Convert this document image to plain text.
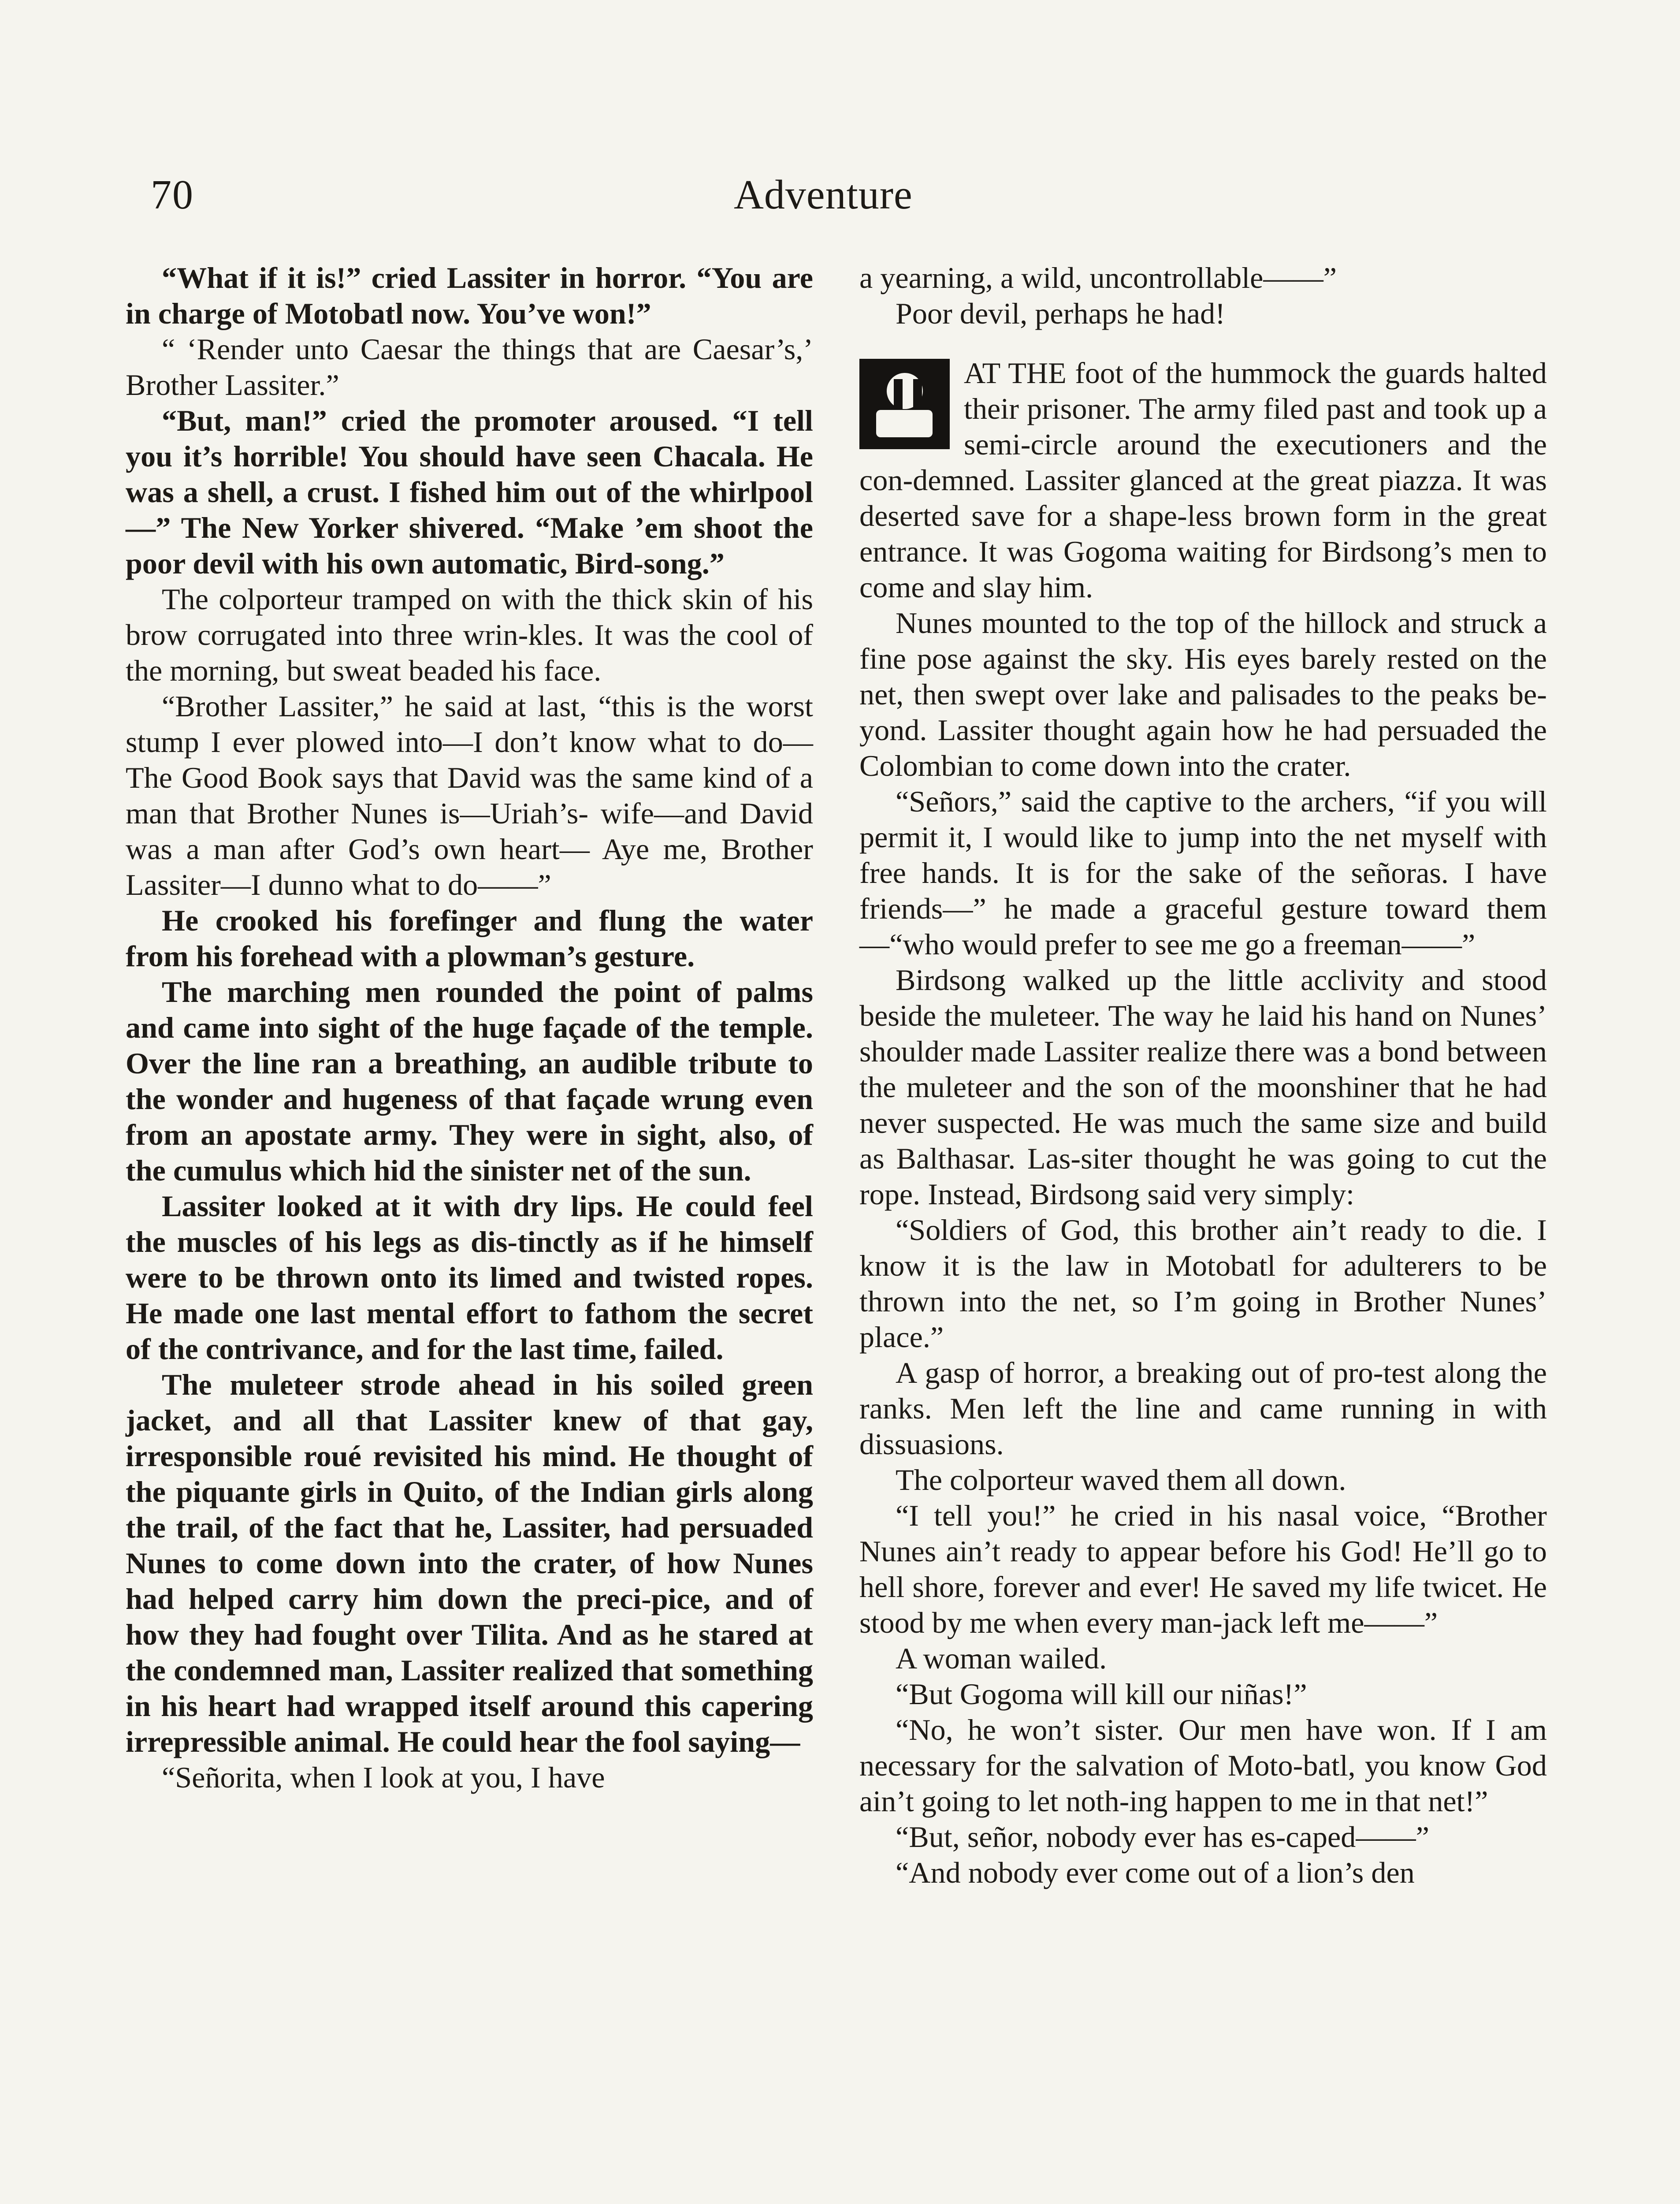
70	Adventure

“What if it is!” cried Lassiter in horror. “You are in charge of Motobatl now. You’ve won!”

“ ‘Render unto Caesar the things that are Caesar’s,’ Brother Lassiter.”

“But, man!” cried the promoter aroused. “I tell you it’s horrible! You should have seen Chacala. He was a shell, a crust. I fished him out of the whirlpool—” The New Yorker shivered. “Make ’em shoot the poor devil with his own automatic, Bird-song.”

The colporteur tramped on with the thick skin of his brow corrugated into three wrin-kles. It was the cool of the morning, but sweat beaded his face.

“Brother Lassiter,” he said at last, “this is the worst stump I ever plowed into—I don’t know what to do— The Good Book says that David was the same kind of a man that Brother Nunes is—Uriah’s- wife—and David was a man after God’s own heart— Aye me, Brother Lassiter—I dunno what to do——”

He crooked his forefinger and flung the water from his forehead with a plowman’s gesture.

The marching men rounded the point of palms and came into sight of the huge façade of the temple. Over the line ran a breathing, an audible tribute to the wonder and hugeness of that façade wrung even from an apostate army. They were in sight, also, of the cumulus which hid the sinister net of the sun.

Lassiter looked at it with dry lips. He could feel the muscles of his legs as dis-tinctly as if he himself were to be thrown onto its limed and twisted ropes. He made one last mental effort to fathom the secret of the contrivance, and for the last time, failed.

The muleteer strode ahead in his soiled green jacket, and all that Lassiter knew of that gay, irresponsible roué revisited his mind. He thought of the piquante girls in Quito, of the Indian girls along the trail, of the fact that he, Lassiter, had persuaded Nunes to come down into the crater, of how Nunes had helped carry him down the preci-pice, and of how they had fought over Tilita. And as he stared at the condemned man, Lassiter realized that something in his heart had wrapped itself around this capering irrepressible animal. He could hear the fool saying—

“Señorita, when I look at you, I have

a yearning, a wild, uncontrollable——”

Poor devil, perhaps he had!

AT THE foot of the hummock the guards halted their prisoner. The army filed past and took up a semi-circle around the executioners and the con-demned. Lassiter glanced at the great piazza. It was deserted save for a shape-less brown form in the great entrance. It was Gogoma waiting for Birdsong’s men to come and slay him.

Nunes mounted to the top of the hillock and struck a fine pose against the sky. His eyes barely rested on the net, then swept over lake and palisades to the peaks be-yond. Lassiter thought again how he had persuaded the Colombian to come down into the crater.

“Señors,” said the captive to the archers, “if you will permit it, I would like to jump into the net myself with free hands. It is for the sake of the señoras. I have friends—” he made a graceful gesture toward them—“who would prefer to see me go a freeman——”

Birdsong walked up the little acclivity and stood beside the muleteer. The way he laid his hand on Nunes’ shoulder made Lassiter realize there was a bond between the muleteer and the son of the moonshiner that he had never suspected. He was much the same size and build as Balthasar. Las-siter thought he was going to cut the rope. Instead, Birdsong said very simply:

“Soldiers of God, this brother ain’t ready to die. I know it is the law in Motobatl for adulterers to be thrown into the net, so I’m going in Brother Nunes’ place.”

A gasp of horror, a breaking out of pro-test along the ranks. Men left the line and came running in with dissuasions.

The colporteur waved them all down.

“I tell you!” he cried in his nasal voice, “Brother Nunes ain’t ready to appear before his God! He’ll go to hell shore, forever and ever! He saved my life twicet. He stood by me when every man-jack left me——”

A woman wailed.

“But Gogoma will kill our niñas!”

“No, he won’t sister. Our men have won. If I am necessary for the salvation of Moto-batl, you know God ain’t going to let noth-ing happen to me in that net!”

“But, señor, nobody ever has es-caped——”

“And nobody ever come out of a lion’s den
